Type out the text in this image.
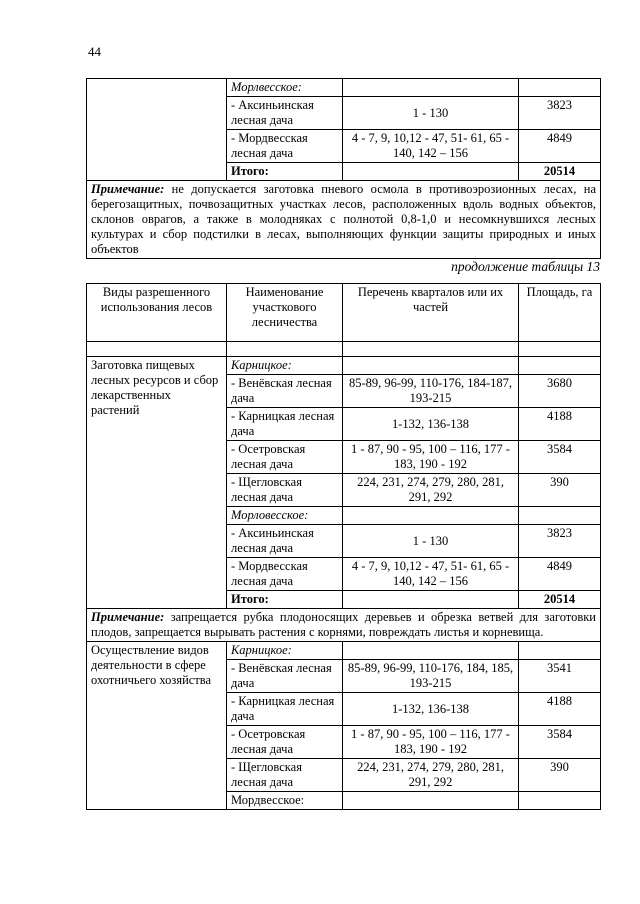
44
	Морлвесское:		
	- Аксиньинская лесная дача	1 - 130	3823
	- Мордвесская лесная дача	4 - 7, 9, 10,12 - 47, 51- 61, 65 - 140, 142 – 156	4849
	Итого:		20514
Примечание: не допускается заготовка пневого осмола в противоэрозионных лесах, на берегозащитных, почвозащитных участках лесов, расположенных вдоль водных объектов, склонов оврагов, а также в молодняках с полнотой 0,8-1,0 и несомкнувшихся лесных культурах и сбор подстилки в лесах, выполняющих функции защиты природных и иных объектов			
продолжение таблицы 13
Виды разрешенного использования лесов	Наименование участкового лесничества	Перечень кварталов или их частей	Площадь, га

Заготовка пищевых лесных ресурсов и сбор лекарственных растений	Карницкое:		
	- Венёвская лесная дача	85-89, 96-99, 110-176, 184-187, 193-215	3680
	- Карницкая лесная дача	1-132, 136-138	4188
	- Осетровская лесная дача	1 - 87, 90 - 95, 100 – 116, 177 - 183, 190 - 192	3584
	- Щегловская лесная дача	224, 231, 274, 279, 280, 281, 291, 292	390
	Морловесское:		
	- Аксиньинская лесная дача	1 - 130	3823
	- Мордвесская лесная дача	4 - 7, 9, 10,12 - 47, 51- 61, 65 - 140, 142 – 156	4849
	Итого:		20514
Примечание: запрещается рубка плодоносящих деревьев и обрезка ветвей для заготовки плодов, запрещается вырывать растения с корнями, повреждать листья и корневища.			
Осуществление видов деятельности в сфере охотничьего хозяйства	Карницкое:		
	- Венёвская лесная дача	85-89, 96-99, 110-176, 184, 185, 193-215	3541
	- Карницкая лесная дача	1-132, 136-138	4188
	- Осетровская лесная дача	1 - 87, 90 - 95, 100 – 116, 177 - 183, 190 - 192	3584
	- Щегловская лесная дача	224, 231, 274, 279, 280, 281, 291, 292	390
	Мордвесское:		
